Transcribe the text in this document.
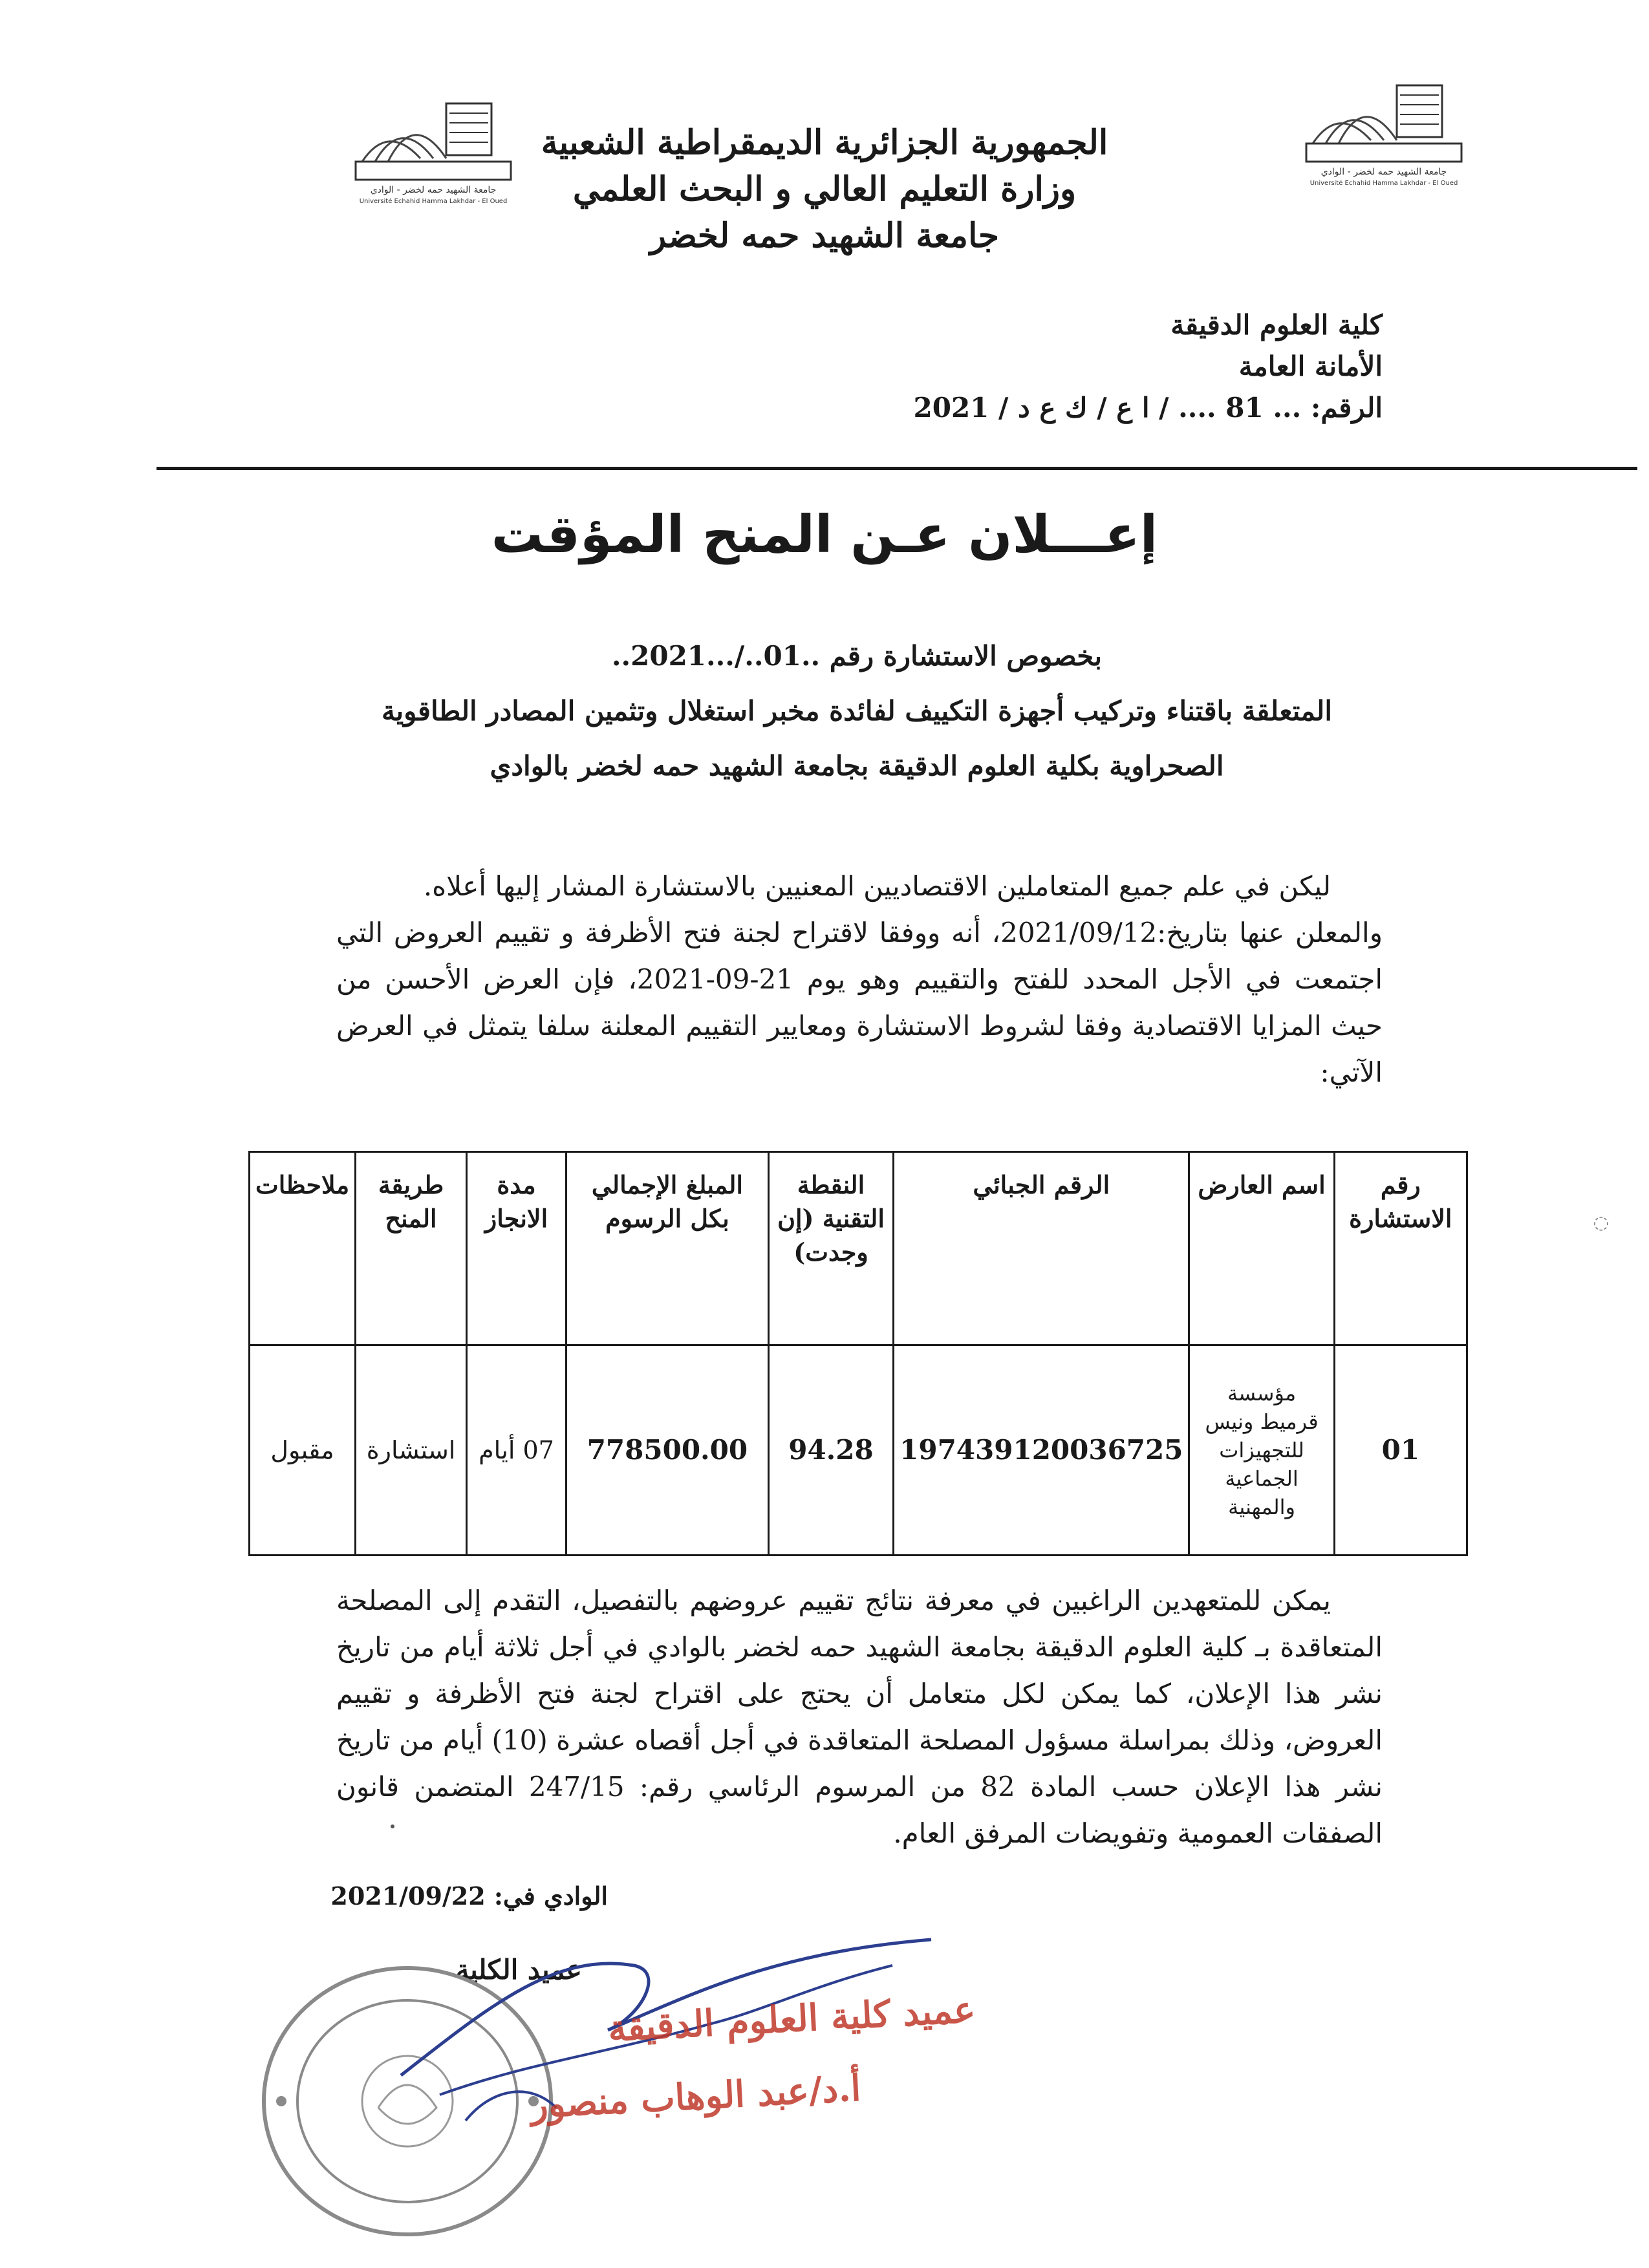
جامعة الشهيد حمه لخضر - الوادي
Université Echahid Hamma Lakhdar - El Oued
جامعة الشهيد حمه لخضر - الوادي
Université Echahid Hamma Lakhdar - El Oued
الجمهورية الجزائرية الديمقراطية الشعبية
وزارة التعليم العالي و البحث العلمي
جامعة الشهيد حمه لخضر
كلية العلوم الدقيقة
الأمانة العامة
الرقم: ... 81 .... / ا ع / ك ع د / 2021
إعـــلان عـن المنح المؤقت
بخصوص الاستشارة رقم ..01../...2021..
المتعلقة باقتناء وتركيب أجهزة التكييف لفائدة مخبر استغلال وتثمين المصادر الطاقوية
الصحراوية بكلية العلوم الدقيقة بجامعة الشهيد حمه لخضر بالوادي

ليكن في علم جميع المتعاملين الاقتصاديين المعنيين بالاستشارة المشار إليها أعلاه.

والمعلن عنها بتاريخ:2021/09/12، أنه ووفقا لاقتراح لجنة فتح الأظرفة و تقييم العروض التي اجتمعت في الأجل المحدد للفتح والتقييم وهو يوم 21-09-2021، فإن العرض الأحسن من حيث المزايا الاقتصادية وفقا لشروط الاستشارة ومعايير التقييم المعلنة سلفا يتمثل في العرض الآتي:

◌
رقم الاستشارة	اسم العارض	الرقم الجبائي	النقطة التقنية (إن وجدت)	المبلغ الإجمالي بكل الرسوم	مدة الانجاز	طريقة المنح	ملاحظات
01	مؤسسة قرميط ونيس للتجهيزات الجماعية والمهنية	197439120036725	94.28	778500.00	07 أيام	استشارة	مقبول

يمكن للمتعهدين الراغبين في معرفة نتائج تقييم عروضهم بالتفصيل، التقدم إلى المصلحة المتعاقدة بـ كلية العلوم الدقيقة بجامعة الشهيد حمه لخضر بالوادي في أجل ثلاثة أيام من تاريخ نشر هذا الإعلان، كما يمكن لكل متعامل أن يحتج على اقتراح لجنة فتح الأظرفة و تقييم العروض، وذلك بمراسلة مسؤول المصلحة المتعاقدة في أجل أقصاه عشرة (10) أيام من تاريخ نشر هذا الإعلان حسب المادة 82 من المرسوم الرئاسي رقم: 247/15 المتضمن قانون الصفقات العمومية وتفويضات المرفق العام.

الوادي في: 2021/09/22
عميد الكلية
عميد كلية العلوم الدقيقة
أ.د/عبد الوهاب منصور
